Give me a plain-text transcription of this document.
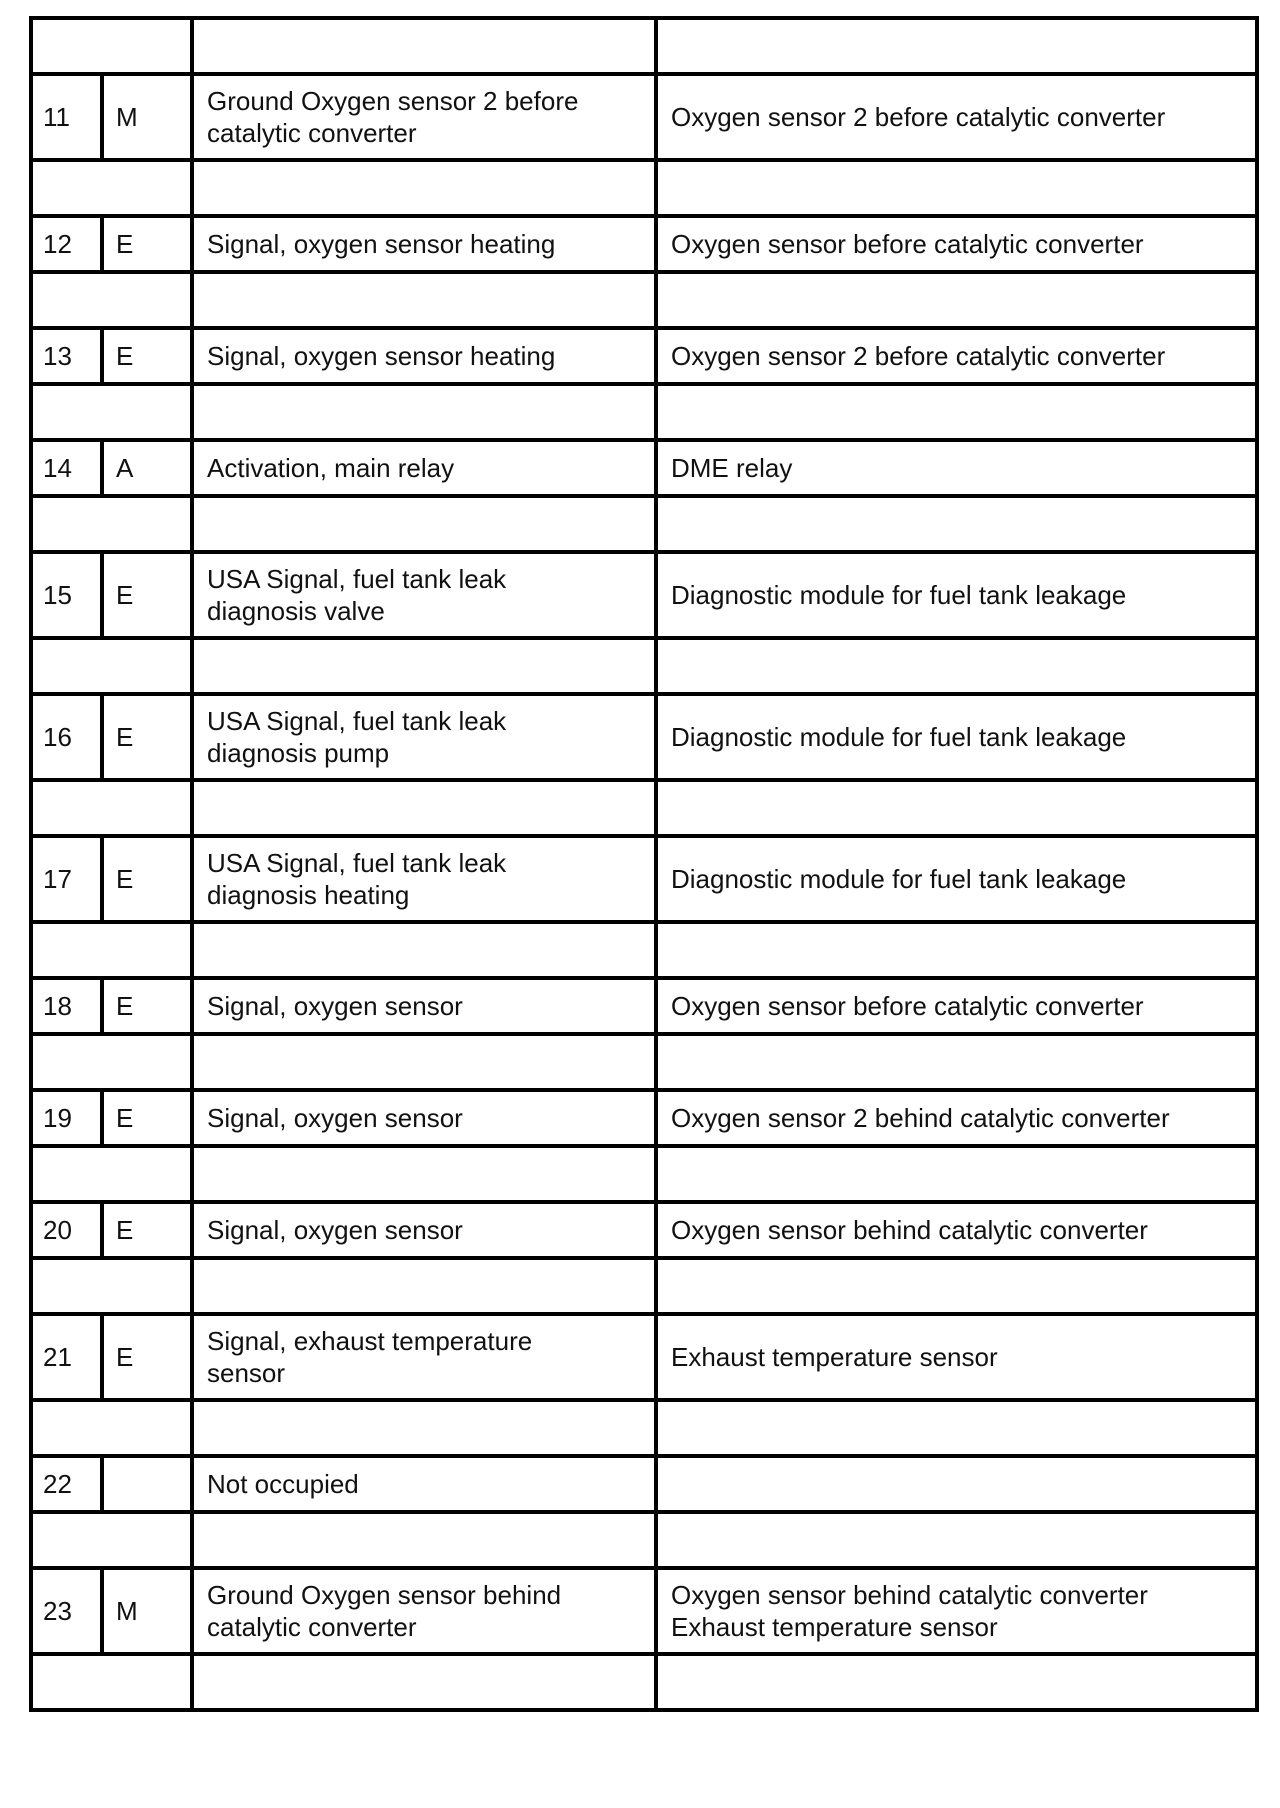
11	M	Ground Oxygen sensor 2 before
catalytic converter	Oxygen sensor 2 before catalytic converter

12	E	Signal, oxygen sensor heating	Oxygen sensor before catalytic converter

13	E	Signal, oxygen sensor heating	Oxygen sensor 2 before catalytic converter

14	A	Activation, main relay	DME relay

15	E	USA Signal, fuel tank leak
diagnosis valve	Diagnostic module for fuel tank leakage

16	E	USA Signal, fuel tank leak
diagnosis pump	Diagnostic module for fuel tank leakage

17	E	USA Signal, fuel tank leak
diagnosis heating	Diagnostic module for fuel tank leakage

18	E	Signal, oxygen sensor	Oxygen sensor before catalytic converter

19	E	Signal, oxygen sensor	Oxygen sensor 2 behind catalytic converter

20	E	Signal, oxygen sensor	Oxygen sensor behind catalytic converter

21	E	Signal, exhaust temperature
sensor	Exhaust temperature sensor

22		Not occupied	

23	M	Ground Oxygen sensor behind
catalytic converter	Oxygen sensor behind catalytic converter
Exhaust temperature sensor
